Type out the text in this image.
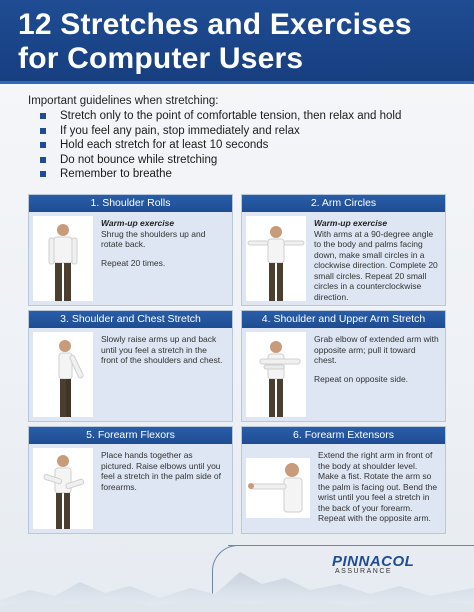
12 Stretches and Exercises
for Computer Users
Important guidelines when stretching:
Stretch only to the point of comfortable tension, then relax and hold
If you feel any pain, stop immediately and relax
Hold each stretch for at least 10 seconds
Do not bounce while stretching
Remember to breathe
1. Shoulder Rolls

Warm-up exercise
Shrug the shoulders up and rotate back.

Repeat 20 times.

2. Arm Circles

Warm-up exercise
With arms at a 90-degree angle to the body and palms facing down, make small circles in a clockwise direction. Complete 20 small circles. Repeat 20 small circles in a counterclockwise direction.

3. Shoulder and Chest Stretch

Slowly raise arms up and back until you feel a stretch in the front of the shoulders and chest.

4. Shoulder and Upper Arm Stretch

Grab elbow of extended arm with opposite arm; pull it toward chest.

Repeat on opposite side.

5. Forearm Flexors

Place hands together as pictured. Raise elbows until you feel a stretch in the palm side of forearms.

6. Forearm Extensors

Extend the right arm in front of the body at shoulder level. Make a fist. Rotate the arm so the palm is facing out. Bend the wrist until you feel a stretch in the back of your forearm. Repeat with the opposite arm.

PINNACOL
ASSURANCE
